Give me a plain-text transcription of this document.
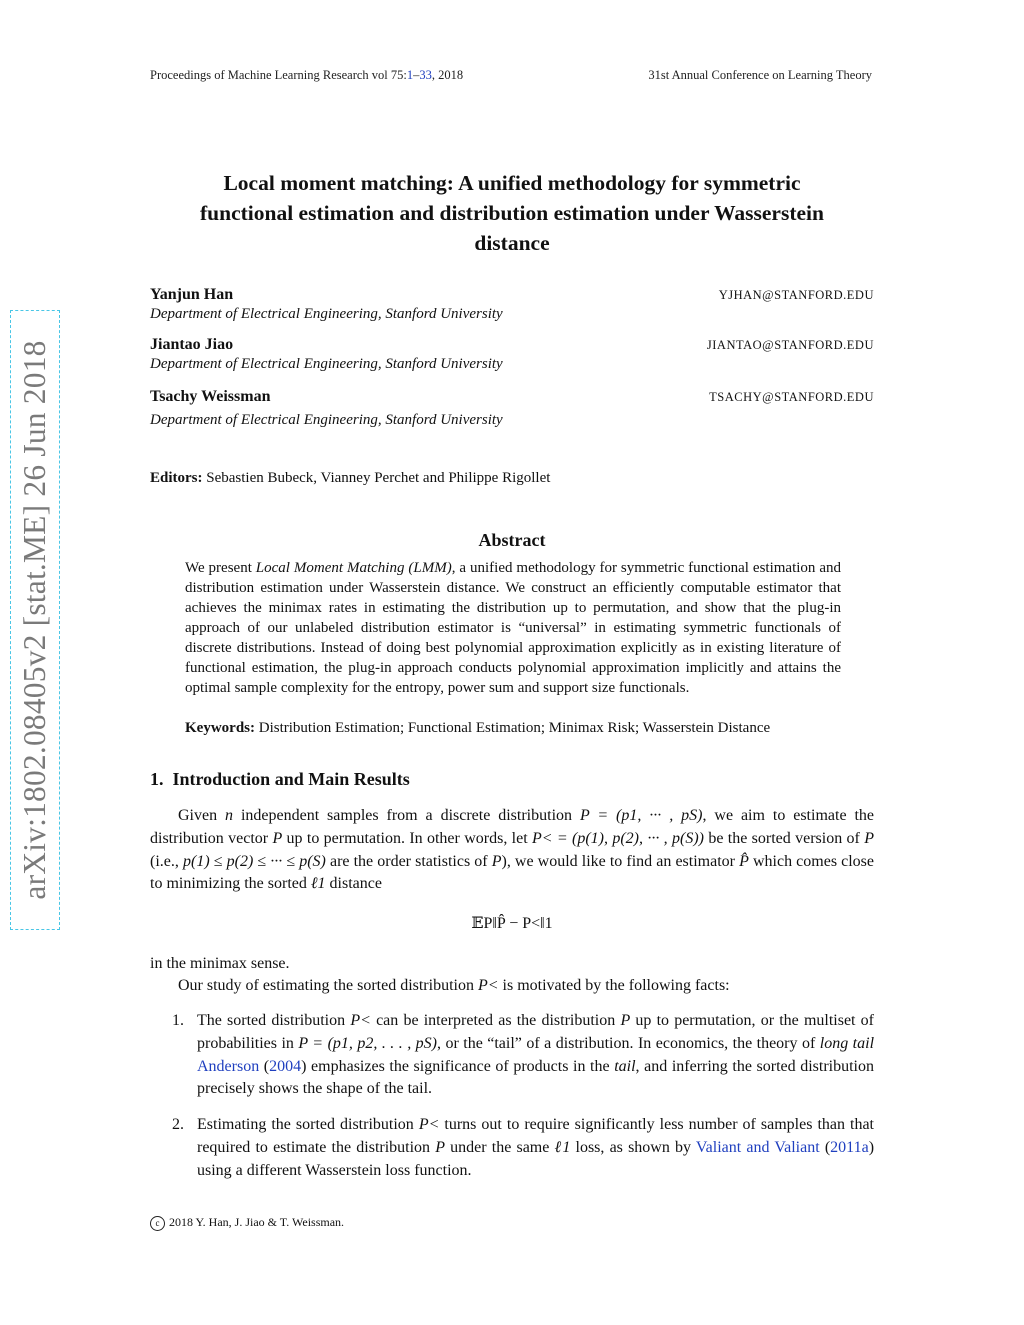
Proceedings of Machine Learning Research vol 75:1–33, 2018	31st Annual Conference on Learning Theory
Local moment matching: A unified methodology for symmetric
functional estimation and distribution estimation under Wasserstein
distance
Yanjun Han	YJHAN@STANFORD.EDU
Department of Electrical Engineering, Stanford University
Jiantao Jiao	JIANTAO@STANFORD.EDU
Department of Electrical Engineering, Stanford University
Tsachy Weissman	TSACHY@STANFORD.EDU
Department of Electrical Engineering, Stanford University
Editors: Sebastien Bubeck, Vianney Perchet and Philippe Rigollet
Abstract
We present Local Moment Matching (LMM), a unified methodology for symmetric functional estimation and distribution estimation under Wasserstein distance. We construct an efficiently computable estimator that achieves the minimax rates in estimating the distribution up to permutation, and show that the plug-in approach of our unlabeled distribution estimator is “universal” in estimating symmetric functionals of discrete distributions. Instead of doing best polynomial approximation explicitly as in existing literature of functional estimation, the plug-in approach conducts polynomial approximation implicitly and attains the optimal sample complexity for the entropy, power sum and support size functionals.
Keywords: Distribution Estimation; Functional Estimation; Minimax Risk; Wasserstein Distance
1. Introduction and Main Results
Given n independent samples from a discrete distribution P = (p1, ··· , pS), we aim to estimate the distribution vector P up to permutation. In other words, let P< = (p(1), p(2), ··· , p(S)) be the sorted version of P (i.e., p(1) ≤ p(2) ≤ ··· ≤ p(S) are the order statistics of P), we would like to find an estimator P̂ which comes close to minimizing the sorted ℓ1 distance
𝔼P‖P̂ − P<‖1
in the minimax sense.
Our study of estimating the sorted distribution P< is motivated by the following facts:
1. The sorted distribution P< can be interpreted as the distribution P up to permutation, or the multiset of probabilities in P = (p1, p2, . . . , pS), or the “tail” of a distribution. In economics, the theory of long tail Anderson (2004) emphasizes the significance of products in the tail, and inferring the sorted distribution precisely shows the shape of the tail.
2. Estimating the sorted distribution P< turns out to require significantly less number of samples than that required to estimate the distribution P under the same ℓ1 loss, as shown by Valiant and Valiant (2011a) using a different Wasserstein loss function.
c 2018 Y. Han, J. Jiao & T. Weissman.
arXiv:1802.08405v2 [stat.ME] 26 Jun 2018
